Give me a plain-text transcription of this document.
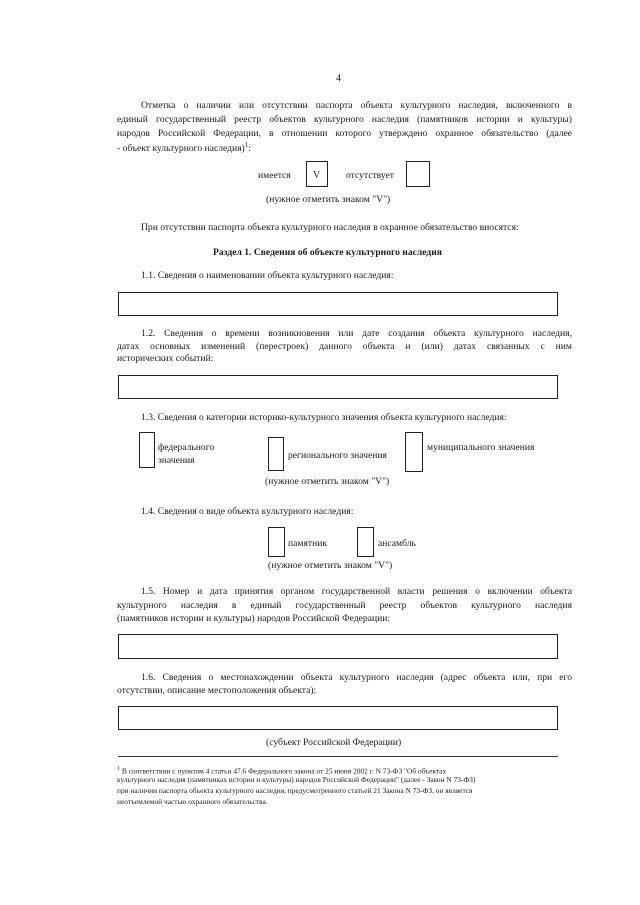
4
Отметка о наличии или отсутствии паспорта объекта культурного наследия, включенного в
единый государственный реестр объектов культурного наследия (памятников истории и культуры)
народов Российской Федерации, в отношении которого утверждено охранное обязательство (далее
- объект культурного наследия)$^1$:
имеется V	отсутствует
(нужное отметить знаком "V")
При отсутствии паспорта объекта культурного наследия в охранное обязательство вносятся:
Раздел 1. Сведения об объекте культурного наследия
1.1. Сведения о наименовании объекта культурного наследия:
1.2. Сведения о времени возникновения или дате создания объекта культурного наследия,
датах основных изменений (перестроек) данного объекта и (или) датах связанных с ним
исторических событий:
1.3. Сведения о категории историко-культурного значения объекта культурного наследия:
федерального
значения	регионального значения
муниципального значения
(нужное отметить знаком "V")
1.4. Сведения о виде объекта культурного наследия:
памятник	ансамбль
(нужное отметить знаком "V")
1.5. Номер и дата принятия органом государственной власти решения о включении объекта
культурного наследия в единый государственный реестр объектов культурного наследия
(памятников истории и культуры) народов Российской Федерации:
1.6. Сведения о местонахождении объекта культурного наследия (адрес объекта или, при его
отсутствии, описание местоположения объекта):
(субъект Российской Федерации)
$^1$ В соответствии с пунктом 4 статьи 47.6 Федерального закона от 25 июня 2002 г. N 73-ФЗ "Об объектах
культурного наследия (памятниках истории и культуры) народов Российской Федерации" (далее - Закон N 73-ФЗ)
при наличии паспорта объекта культурного наследия, предусмотренного статьей 21 Закона N 73-ФЗ, он является
неотъемлемой частью охранного обязательства.
